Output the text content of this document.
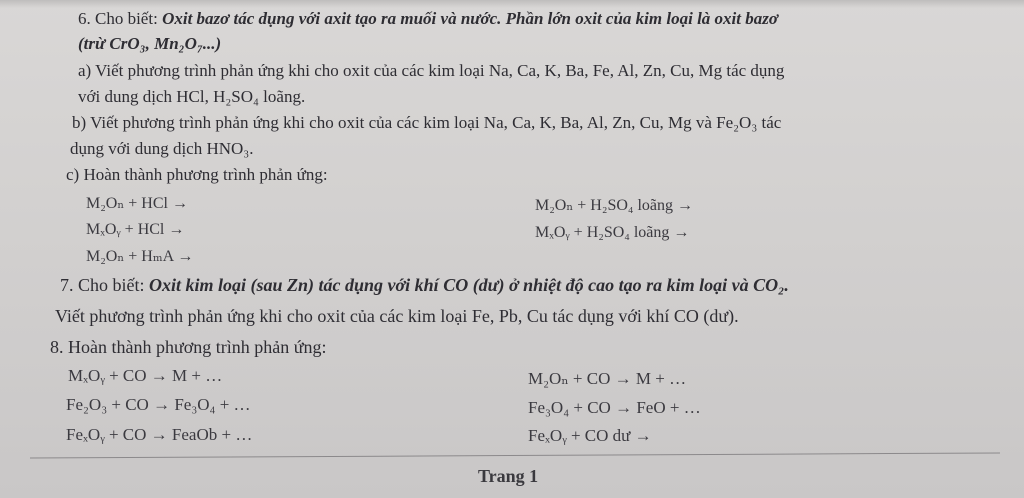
6. Cho biết: Oxit bazơ tác dụng với axit tạo ra muối và nước. Phần lớn oxit của kim loại là oxit bazơ
(trừ CrO₃, Mn₂O₇...)
a) Viết phương trình phản ứng khi cho oxit của các kim loại Na, Ca, K, Ba, Fe, Al, Zn, Cu, Mg tác dụng
với dung dịch HCl, H₂SO₄ loãng.
b) Viết phương trình phản ứng khi cho oxit của các kim loại Na, Ca, K, Ba, Al, Zn, Cu, Mg và Fe₂O₃ tác
dụng với dung dịch HNO₃.
c) Hoàn thành phương trình phản ứng:
M₂Oₙ + HCl →
MₓOᵧ + HCl →
M₂Oₙ + HₘA →
M₂Oₙ + H₂SO₄ loãng →
MₓOᵧ + H₂SO₄ loãng →
7. Cho biết: Oxit kim loại (sau Zn) tác dụng với khí CO (dư) ở nhiệt độ cao tạo ra kim loại và CO₂.
Viết phương trình phản ứng khi cho oxit của các kim loại Fe, Pb, Cu tác dụng với khí CO (dư).
8. Hoàn thành phương trình phản ứng:
MₓOᵧ + CO → M + …
Fe₂O₃ + CO → Fe₃O₄ + …
FeₓOᵧ + CO → FeaOb + …
M₂Oₙ + CO → M + …
Fe₃O₄ + CO → FeO + …
FeₓOᵧ + CO dư →
Trang 1
